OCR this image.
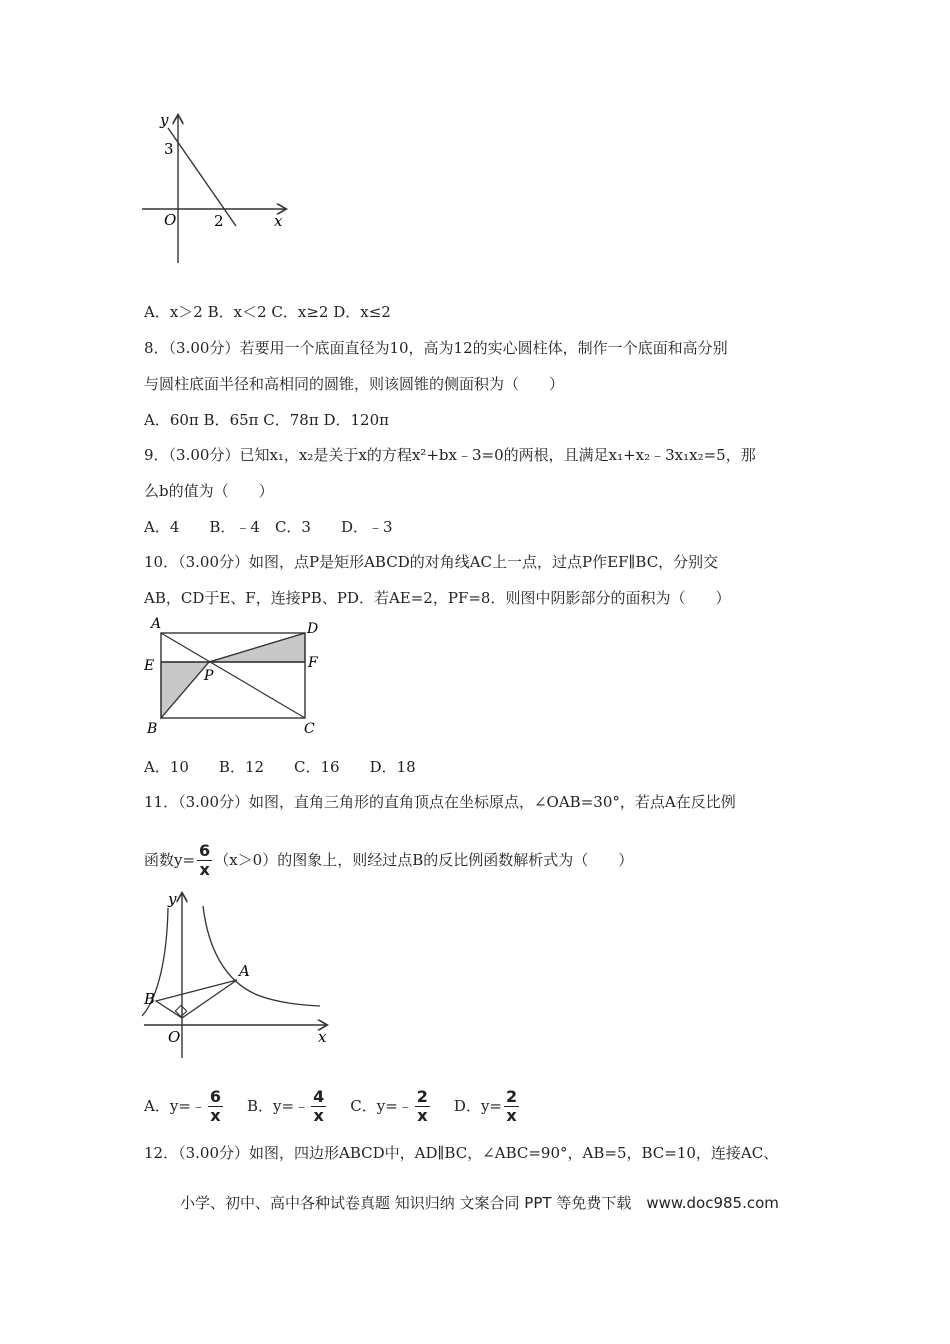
y
x
O
3
2
A．x＞2 B．x＜2 C．x≥2 D．x≤2
8．（3.00分）若要用一个底面直径为10，高为12的实心圆柱体，制作一个底面和高分别
与圆柱底面半径和高相同的圆锥，则该圆锥的侧面积为（　　）
A．60π B．65π C．78π D．120π
9．（3.00分）已知x₁，x₂是关于x的方程x²+bx﹣3=0的两根，且满足x₁+x₂﹣3x₁x₂=5，那
么b的值为（　　）
A．4　　B．﹣4　C．3　　D．﹣3
10．（3.00分）如图，点P是矩形ABCD的对角线AC上一点，过点P作EF∥BC，分别交
AB，CD于E、F，连接PB、PD．若AE=2，PF=8．则图中阴影部分的面积为（　　）
A	D
E	F
P
B	C
A．10　　B．12　　C．16　　D．18
11．（3.00分）如图，直角三角形的直角顶点在坐标原点，∠OAB=30°，若点A在反比例
函数$y= \frac{6}{x} (x>0)$的图象上，则经过点B的反比例函数解析式为（　　）
y
x
O
A
B
A．y=﹣ $\frac{6}{x}$ B．y=﹣ $\frac{4}{x}$ C．y=﹣ $\frac{2}{x}$ D．$y= \frac{2}{x}$
12．（3.00分）如图，四边形ABCD中，AD∥BC，∠ABC=90°，AB=5，BC=10，连接AC、
小学、初中、高中各种试卷真题 知识归纳 文案合同 PPT 等免费下载　www.doc985.com
